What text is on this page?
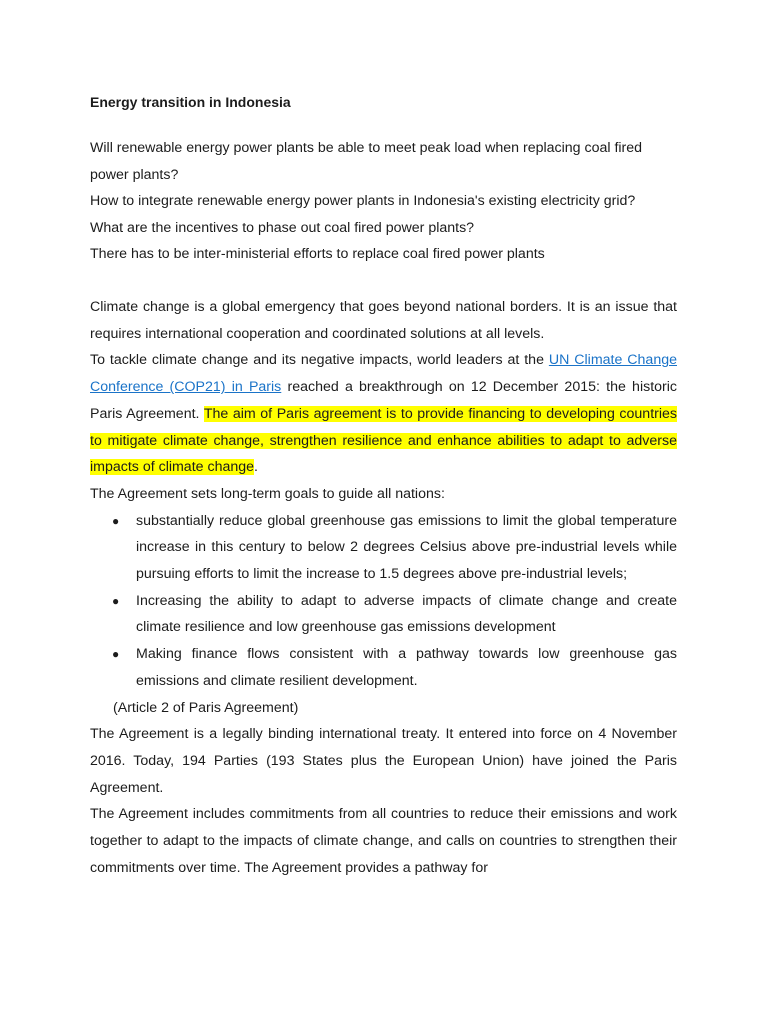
Energy transition in Indonesia

Will renewable energy power plants be able to meet peak load when replacing coal fired power plants?

How to integrate renewable energy power plants in Indonesia's existing electricity grid?

What are the incentives to phase out coal fired power plants?

There has to be inter-ministerial efforts to replace coal fired power plants

Climate change is a global emergency that goes beyond national borders. It is an issue that requires international cooperation and coordinated solutions at all levels.

To tackle climate change and its negative impacts, world leaders at the UN Climate Change Conference (COP21) in Paris reached a breakthrough on 12 December 2015: the historic Paris Agreement. The aim of Paris agreement is to provide financing to developing countries to mitigate climate change, strengthen resilience and enhance abilities to adapt to adverse impacts of climate change.

The Agreement sets long-term goals to guide all nations:

● substantially reduce global greenhouse gas emissions to limit the global temperature increase in this century to below 2 degrees Celsius above pre-industrial levels while pursuing efforts to limit the increase to 1.5 degrees above pre-industrial levels;
● Increasing the ability to adapt to adverse impacts of climate change and create climate resilience and low greenhouse gas emissions development
● Making finance flows consistent with a pathway towards low greenhouse gas emissions and climate resilient development.

(Article 2 of Paris Agreement)

The Agreement is a legally binding international treaty. It entered into force on 4 November 2016. Today, 194 Parties (193 States plus the European Union) have joined the Paris Agreement.

The Agreement includes commitments from all countries to reduce their emissions and work together to adapt to the impacts of climate change, and calls on countries to strengthen their commitments over time. The Agreement provides a pathway for
